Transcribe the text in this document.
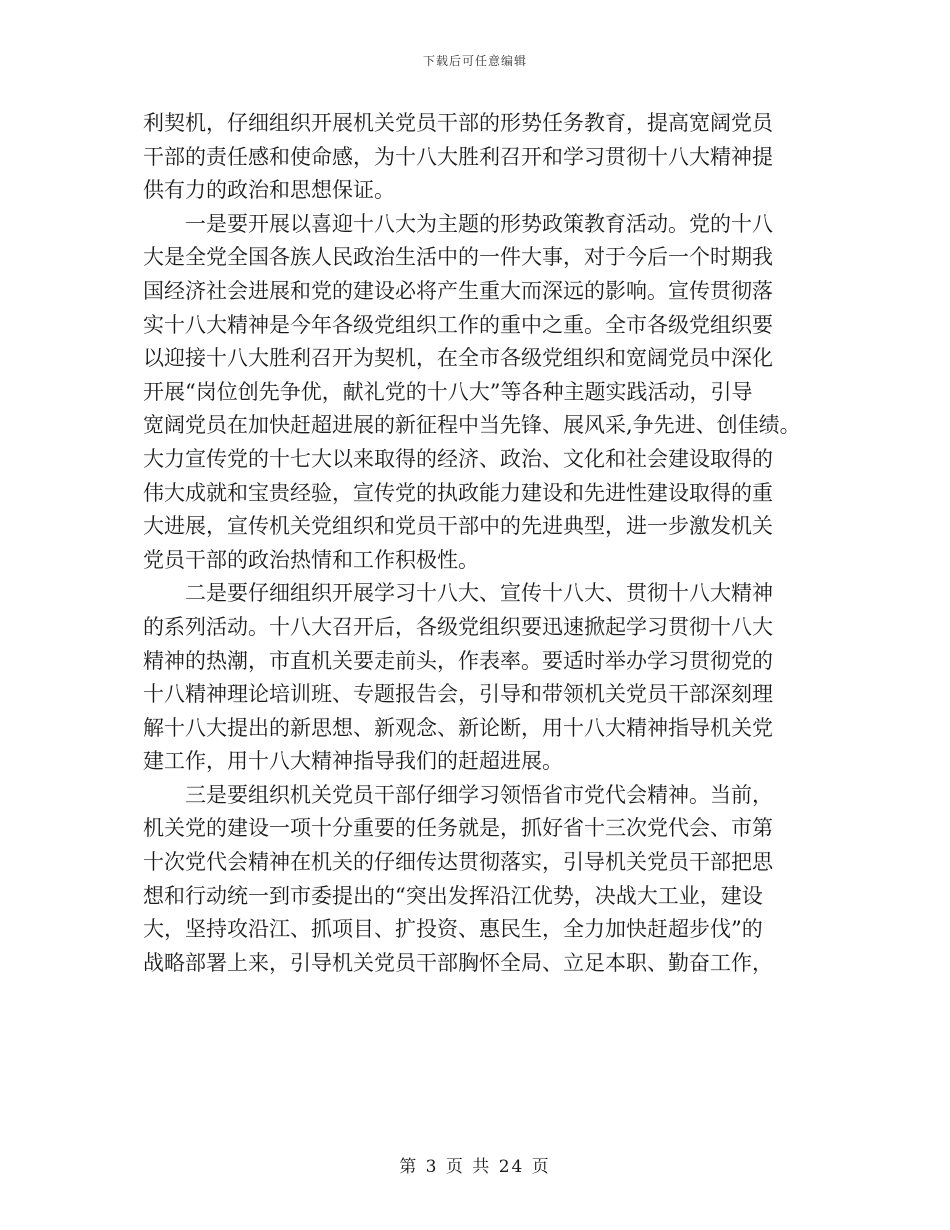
下载后可任意编辑
利契机，仔细组织开展机关党员干部的形势任务教育，提高宽阔党员
干部的责任感和使命感，为十八大胜利召开和学习贯彻十八大精神提
供有力的政治和思想保证。
一是要开展以喜迎十八大为主题的形势政策教育活动。党的十八
大是全党全国各族人民政治生活中的一件大事，对于今后一个时期我
国经济社会进展和党的建设必将产生重大而深远的影响。宣传贯彻落
实十八大精神是今年各级党组织工作的重中之重。全市各级党组织要
以迎接十八大胜利召开为契机，在全市各级党组织和宽阔党员中深化
开展“岗位创先争优，献礼党的十八大”等各种主题实践活动，引导
宽阔党员在加快赶超进展的新征程中当先锋、展风采,争先进、创佳绩。
大力宣传党的十七大以来取得的经济、政治、文化和社会建设取得的
伟大成就和宝贵经验，宣传党的执政能力建设和先进性建设取得的重
大进展，宣传机关党组织和党员干部中的先进典型，进一步激发机关
党员干部的政治热情和工作积极性。
二是要仔细组织开展学习十八大、宣传十八大、贯彻十八大精神
的系列活动。十八大召开后，各级党组织要迅速掀起学习贯彻十八大
精神的热潮，市直机关要走前头，作表率。要适时举办学习贯彻党的
十八精神理论培训班、专题报告会，引导和带领机关党员干部深刻理
解十八大提出的新思想、新观念、新论断，用十八大精神指导机关党
建工作，用十八大精神指导我们的赶超进展。
三是要组织机关党员干部仔细学习领悟省市党代会精神。当前，
机关党的建设一项十分重要的任务就是，抓好省十三次党代会、市第
十次党代会精神在机关的仔细传达贯彻落实，引导机关党员干部把思
想和行动统一到市委提出的“突出发挥沿江优势，决战大工业，建设
大，坚持攻沿江、抓项目、扩投资、惠民生，全力加快赶超步伐”的
战略部署上来，引导机关党员干部胸怀全局、立足本职、勤奋工作，
第 3 页 共 24 页
